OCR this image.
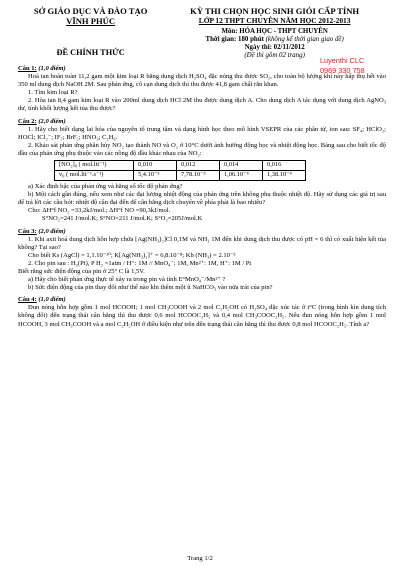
SỞ GIÁO DỤC VÀ ĐÀO TẠO
VĨNH PHÚC
ĐỀ CHÍNH THỨC
KỲ THI CHỌN HỌC SINH GIỎI CẤP TỈNH
LỚP 12 THPT CHUYÊN NĂM HỌC 2012-2013
Môn: HÓA HỌC - THPT CHUYÊN
Thời gian: 180 phút (không kể thời gian giao đề)
Ngày thi: 02/11/2012
(Đề thi gồm 02 trang)
Luyenthi CLC
0969 330 758
Câu 1: (1,0 điểm)

Hoà tan hoàn toàn 11,2 gam một kim loại R bằng dung dịch H₂SO₄ đặc nóng thu được SO₂, cho toàn bộ lượng khí này hấp thụ hết vào 350 ml dung dịch NaOH 2M. Sau phản ứng, cô cạn dung dịch thì thu được 41,8 gam chất rắn khan.

1. Tìm kim loại R?

2. Hòa tan 8,4 gam kim loại R vào 200ml dung dịch HCl 2M thu được dung dịch A. Cho dung dịch A tác dụng với dung dịch AgNO₃ dư, tính khối lượng kết tủa thu được?

Câu 2: (2,0 điểm)

1. Hãy cho biết dạng lai hóa của nguyên tố trung tâm và dạng hình học theo mô hình VSEPR của các phân tử, ion sau: SF₄; HClO₂; HOCl; ICl₂⁻; IF₇; BrF₅; HNO₃; C₂H₆.

2. Khảo sát phản ứng phân hủy NO₂ tạo thành NO và O₂ ở 10°C dưới ảnh hưởng động học và nhiệt động học. Bảng sau cho biết tốc độ đầu của phản ứng phụ thuộc vào các nồng độ đầu khác nhau của NO₂:

[NO₂]₀ ( mol.lit⁻¹)	0,010	0,012	0,014	0,016
v₀ ( mol.lit⁻¹.s⁻¹)	5,4.10⁻⁵	7,78.10⁻⁵	1,06.10⁻⁴	1,38.10⁻⁴

a) Xác định bậc của phản ứng và hằng số tốc độ phản ứng?

b) Một cách gần đúng, nếu xem như các đại lượng nhiệt động của phản ứng trên không phụ thuộc nhiệt độ. Hãy sử dụng các giá trị sau để trả lời các câu hỏi: nhiệt độ cần đạt đến để cân bằng dịch chuyển về phía phải là bao nhiêu?

Cho: ΔH°f NO₂ =33,2kJ/mol.; ΔH°f NO =90,3kJ/mol.

S°NO₂=241 J/mol.K; S°NO=211 J/mol.K; S°O₂=205J/mol.K

Câu 3: (2,0 điểm)

1. Khi axit hoá dung dịch hỗn hợp chứa [Ag(NH₃)₂]Cl 0,1M và NH₃ 1M đến khi dung dịch thu được có pH = 6 thì có xuất hiện kết tủa không? Tại sao?

Cho biết Ks (AgCl) = 1,1.10⁻¹⁰; K[Ag(NH₃)₂]⁺ = 6,8.10⁻⁸; Kb (NH₃) = 2.10⁻⁵

2. Cho pin sau : H₂(Pt), P H₂ =1atm / H⁺: 1M // MnO₄⁻: 1M, Mn²⁺: 1M, H⁺: 1M / Pt

Biết rằng sức điện động của pin ở 25° C là 1,5V.

a) Hãy cho biết phản ứng thực tế xảy ra trong pin và tính E°MnO₄⁻/Mn²⁺ ?

b) Sức điện động của pin thay đổi như thế nào khi thêm một ít NaHCO₃ vào nửa trái của pin?

Câu 4: (1,0 điểm)

Đun nóng hỗn hợp gồm 1 mol HCOOH; 1 mol CH₃COOH và 2 mol C₂H₅OH có H₂SO₄ đặc xúc tác ở t°C (trong bình kín dung tích không đổi) đến trạng thái cân bằng thì thu được 0,6 mol HCOOC₂H₅ và 0,4 mol CH₃COOC₂H₅. Nếu đun nóng hỗn hợp gồm 1 mol HCOOH, 3 mol CH₃COOH và a mol C₂H₅OH ở điều kiện như trên đến trạng thái cân bằng thì thu được 0,8 mol HCOOC₂H₅. Tính a?

Trang 1/2
